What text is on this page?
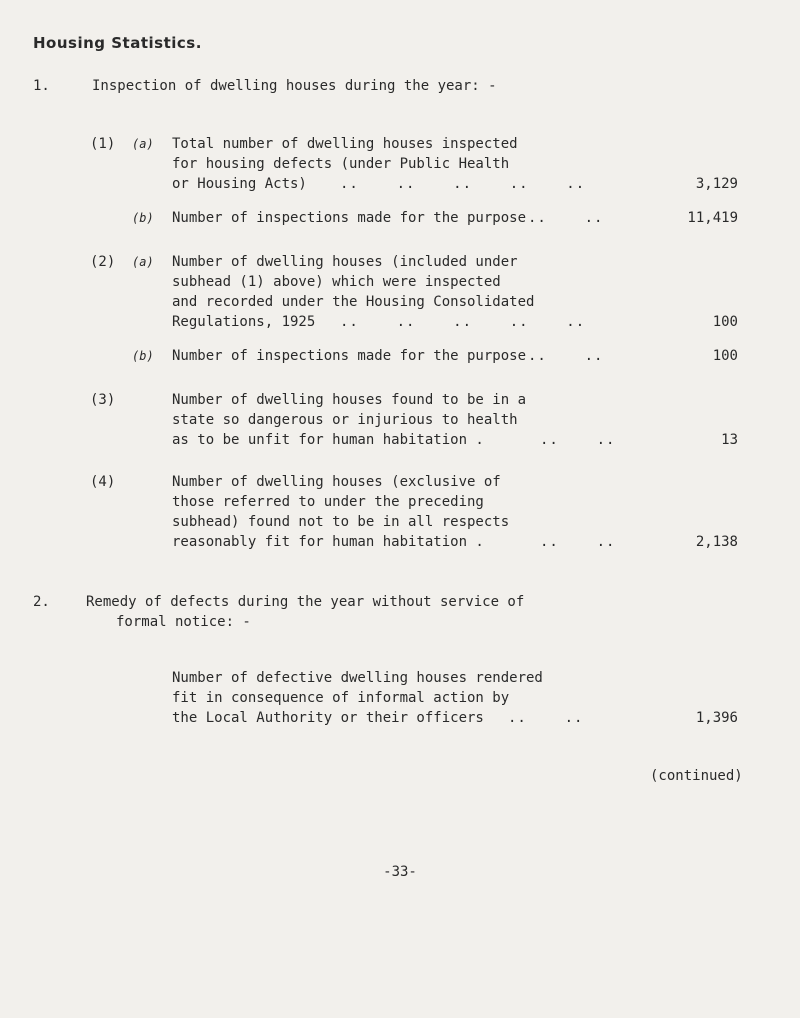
Housing Statistics.
1.	Inspection of dwelling houses during the year: -
(1) (a) Total number of dwelling houses inspected
for housing defects (under Public Health
or Housing Acts) ..    ..    ..    ..    ..	3,129
(b) Number of inspections made for the purpose ..    ..	11,419
(2) (a) Number of dwelling houses (included under
subhead (1) above) which were inspected
and recorded under the Housing Consolidated
Regulations, 1925 ..    ..    ..    ..    ..	100
(b) Number of inspections made for the purpose ..    ..	100
(3)	Number of dwelling houses found to be in a
state so dangerous or injurious to health
as to be unfit for human habitation .	..    ..	13
(4)	Number of dwelling houses (exclusive of
those referred to under the preceding
subhead) found not to be in all respects
reasonably fit for human habitation .	..    ..	2,138
2.	Remedy of defects during the year without service of
formal notice: -
Number of defective dwelling houses rendered
fit in consequence of informal action by
the Local Authority or their officers ..    ..	1,396
(continued)
-33-
